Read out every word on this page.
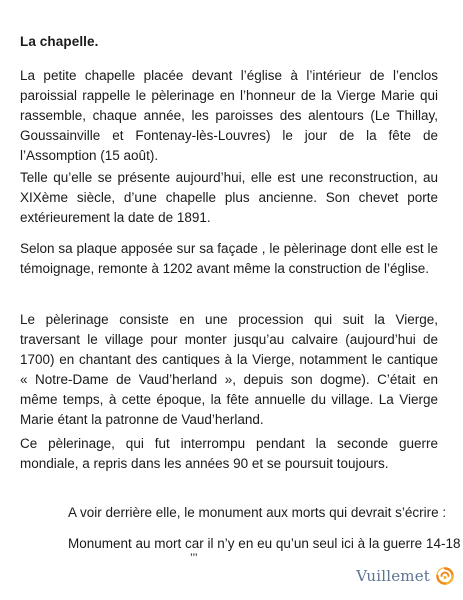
La chapelle.

La petite chapelle placée devant l’église à l’intérieur de l’enclos paroissial rappelle le pèlerinage en l’honneur de la Vierge Marie qui rassemble, chaque année, les paroisses des alentours (Le Thillay, Goussainville et Fontenay-lès-Louvres) le jour de la fête de l’Assomption (15 août).

Telle qu’elle se présente aujourd’hui, elle est une reconstruction, au XIXème siècle, d’une chapelle plus ancienne. Son chevet porte extérieurement la date de 1891.

Selon sa plaque apposée sur sa façade , le pèlerinage dont elle est le témoignage, remonte à 1202 avant même la construction de l’église.

Le pèlerinage consiste en une procession qui suit la Vierge, traversant le village pour monter jusqu’au calvaire (aujourd’hui de 1700) en chantant des cantiques à la Vierge, notamment le cantique « Notre-Dame de Vaud’herland », depuis son dogme). C’était en même temps, à cette époque, la fête annuelle du village. La Vierge Marie étant la patronne de Vaud’herland.

Ce pèlerinage, qui fut interrompu pendant la seconde guerre mondiale, a repris dans les années 90 et se poursuit toujours.

A voir derrière elle, le monument aux morts qui devrait s’écrire :
Monument au mort car il n’y en eu qu’un seul ici à la guerre 14-18
’’’
Vuillemet
